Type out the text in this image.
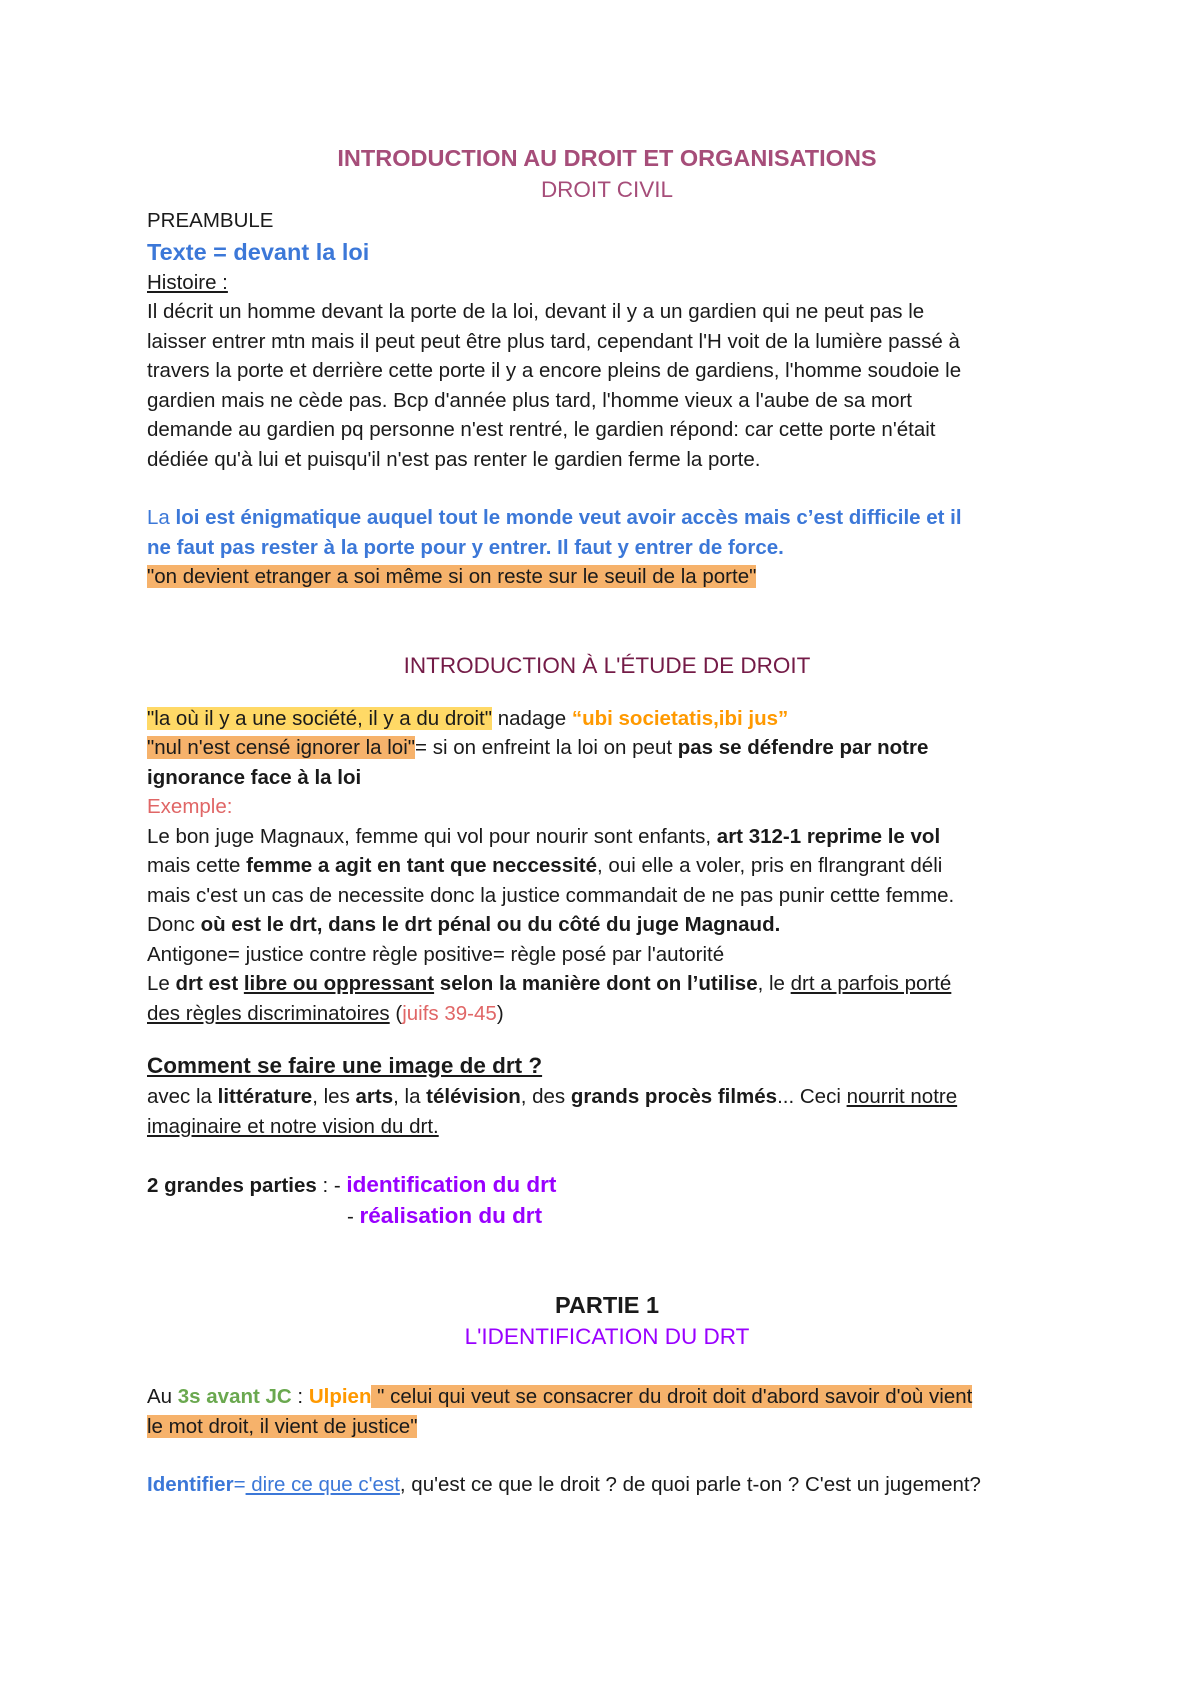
INTRODUCTION AU DROIT ET ORGANISATIONS

DROIT CIVIL

PREAMBULE

Texte = devant la loi

Histoire :

Il décrit un homme devant la porte de la loi, devant il y a un gardien qui ne peut pas le

laisser entrer mtn mais il peut peut être plus tard, cependant l'H voit de la lumière passé à

travers la porte et derrière cette porte il y a encore pleins de gardiens, l'homme soudoie le

gardien mais ne cède pas. Bcp d'année plus tard, l'homme vieux a l'aube de sa mort

demande au gardien pq personne n'est rentré, le gardien répond: car cette porte n'était

dédiée qu'à lui et puisqu'il n'est pas renter le gardien ferme la porte.

La loi est énigmatique auquel tout le monde veut avoir accès mais c’est difficile et il

ne faut pas rester à la porte pour y entrer. Il faut y entrer de force.

"on devient etranger a soi même si on reste sur le seuil de la porte"

INTRODUCTION À L'ÉTUDE DE DROIT

"la où il y a une société, il y a du droit" nadage “ubi societatis,ibi jus”

"nul n'est censé ignorer la loi"= si on enfreint la loi on peut pas se défendre par notre

ignorance face à la loi

Exemple:

Le bon juge Magnaux, femme qui vol pour nourir sont enfants, art 312-1 reprime le vol

mais cette femme a agit en tant que neccessité, oui elle a voler, pris en flrangrant déli

mais c'est un cas de necessite donc la justice commandait de ne pas punir cettte femme.

Donc où est le drt, dans le drt pénal ou du côté du juge Magnaud.

Antigone= justice contre règle positive= règle posé par l'autorité

Le drt est libre ou oppressant selon la manière dont on l’utilise, le drt a parfois porté

des règles discriminatoires (juifs 39-45)

Comment se faire une image de drt ?

avec la littérature, les arts, la télévision, des grands procès filmés... Ceci nourrit notre

imaginaire et notre vision du drt.

2 grandes parties : - identification du drt

- réalisation du drt

PARTIE 1

L'IDENTIFICATION DU DRT

Au 3s avant JC : Ulpien " celui qui veut se consacrer du droit doit d'abord savoir d'où vient

le mot droit, il vient de justice"

Identifier= dire ce que c'est, qu'est ce que le droit ? de quoi parle t-on ? C'est un jugement?
